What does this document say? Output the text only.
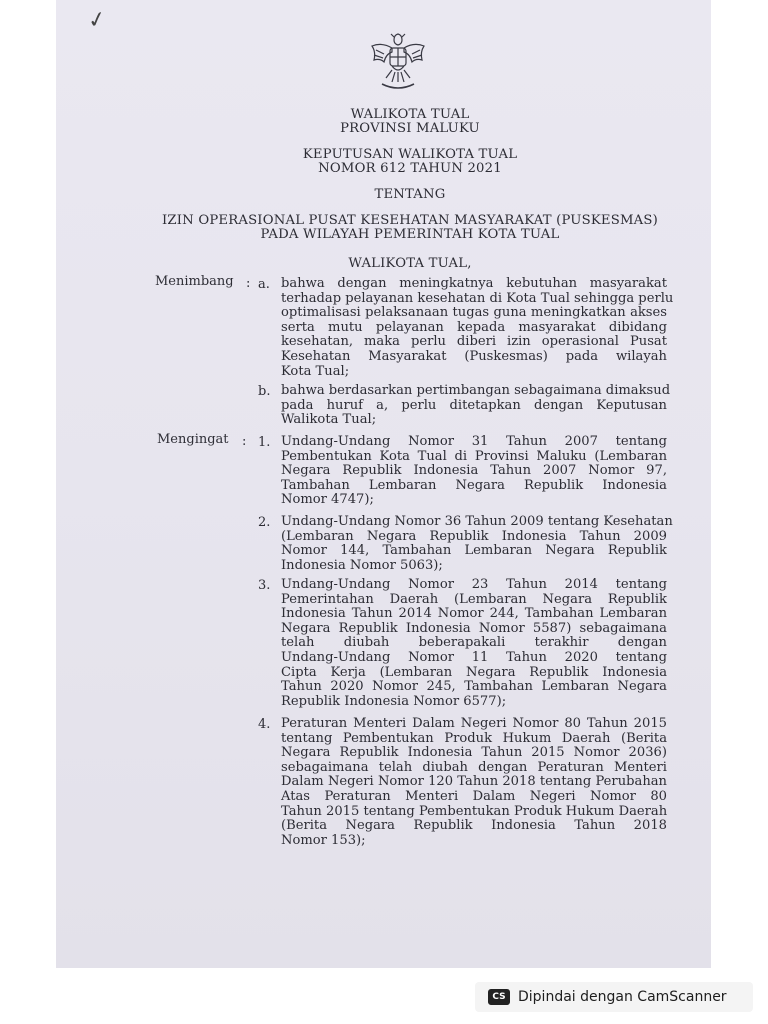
✓
WALIKOTA TUAL
PROVINSI MALUKU
KEPUTUSAN WALIKOTA TUAL
NOMOR 612 TAHUN 2021
TENTANG
IZIN OPERASIONAL PUSAT KESEHATAN MASYARAKAT (PUSKESMAS)
PADA WILAYAH PEMERINTAH KOTA TUAL
WALIKOTA TUAL,
Menimbang : a. bahwa dengan meningkatnya kebutuhan masyarakat
terhadap pelayanan kesehatan di Kota Tual sehingga perlu
optimalisasi pelaksanaan tugas guna meningkatkan akses
serta mutu pelayanan kepada masyarakat dibidang
kesehatan, maka perlu diberi izin operasional Pusat
Kesehatan Masyarakat (Puskesmas) pada wilayah
Kota Tual;
b. bahwa berdasarkan pertimbangan sebagaimana dimaksud
pada huruf a, perlu ditetapkan dengan Keputusan
Walikota Tual;
Mengingat : 1. Undang-Undang Nomor 31 Tahun 2007 tentang
Pembentukan Kota Tual di Provinsi Maluku (Lembaran
Negara Republik Indonesia Tahun 2007 Nomor 97,
Tambahan Lembaran Negara Republik Indonesia
Nomor 4747);
2. Undang-Undang Nomor 36 Tahun 2009 tentang Kesehatan
(Lembaran Negara Republik Indonesia Tahun 2009
Nomor 144, Tambahan Lembaran Negara Republik
Indonesia Nomor 5063);
3. Undang-Undang Nomor 23 Tahun 2014 tentang
Pemerintahan Daerah (Lembaran Negara Republik
Indonesia Tahun 2014 Nomor 244, Tambahan Lembaran
Negara Republik Indonesia Nomor 5587) sebagaimana
telah diubah beberapakali terakhir dengan
Undang-Undang Nomor 11 Tahun 2020 tentang
Cipta Kerja (Lembaran Negara Republik Indonesia
Tahun 2020 Nomor 245, Tambahan Lembaran Negara
Republik Indonesia Nomor 6577);
4. Peraturan Menteri Dalam Negeri Nomor 80 Tahun 2015
tentang Pembentukan Produk Hukum Daerah (Berita
Negara Republik Indonesia Tahun 2015 Nomor 2036)
sebagaimana telah diubah dengan Peraturan Menteri
Dalam Negeri Nomor 120 Tahun 2018 tentang Perubahan
Atas Peraturan Menteri Dalam Negeri Nomor 80
Tahun 2015 tentang Pembentukan Produk Hukum Daerah
(Berita Negara Republik Indonesia Tahun 2018
Nomor 153);
CS Dipindai dengan CamScanner
